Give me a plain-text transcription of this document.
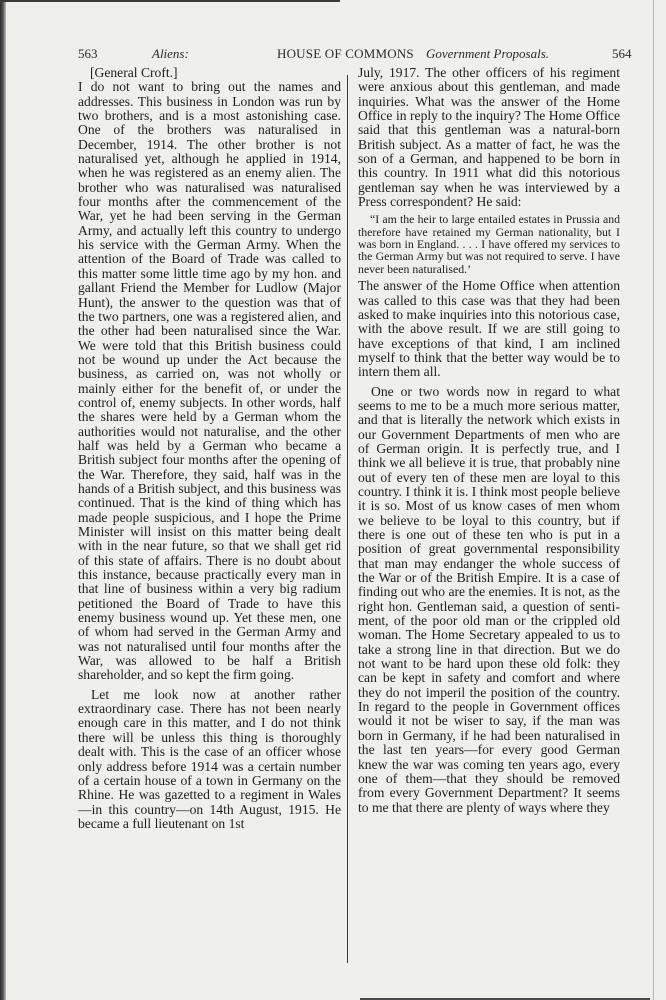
563	Aliens:	HOUSE OF COMMONS Government Proposals.	564

[General Croft.]

I do not want to bring out the names and addresses. This business in London was run by two brothers, and is a most astonishing case. One of the brothers was naturalised in December, 1914. The other brother is not naturalised yet, although he applied in 1914, when he was registered as an enemy alien. The brother who was naturalised was naturalised four months after the commencement of the War, yet he had been serving in the German Army, and actually left this country to undergo his service with the German Army. When the attention of the Board of Trade was called to this matter some little time ago by my hon. and gallant Friend the Member for Ludlow (Major Hunt), the answer to the question was that of the two partners, one was a registered alien, and the other had been naturalised since the War. We were told that this British business could not be wound up under the Act because the business, as carried on, was not wholly or mainly either for the benefit of, or under the control of, enemy subjects. In other words, half the shares were held by a German whom the authorities would not naturalise, and the other half was held by a German who became a British subject four months after the opening of the War. Therefore, they said, half was in the hands of a British subject, and this business was continued. That is the kind of thing which has made people suspicious, and I hope the Prime Minister will insist on this matter being dealt with in the near future, so that we shall get rid of this state of affairs. There is no doubt about this instance, because practically every man in that line of business within a very big radium petitioned the Board of Trade to have this enemy business wound up. Yet these men, one of whom had served in the German Army and was not naturalised until four months after the War, was allowed to be half a British shareholder, and so kept the firm going.

Let me look now at another rather extraordinary case. There has not been nearly enough care in this matter, and I do not think there will be unless this thing is thoroughly dealt with. This is the case of an officer whose only address before 1914 was a certain number of a certain house of a town in Germany on the Rhine. He was gazetted to a regiment in Wales—in this country—on 14th August, 1915. He became a full lieutenant on 1st

July, 1917. The other officers of his regiment were anxious about this gentleman, and made inquiries. What was the answer of the Home Office in reply to the inquiry? The Home Office said that this gentleman was a natural-born British subject. As a matter of fact, he was the son of a German, and happened to be born in this country. In 1911 what did this notorious gentleman say when he was interviewed by a Press correspondent? He said:

“I am the heir to large entailed estates in Prussia and therefore have retained my German nationality, but I was born in England. . . . I have offered my services to the German Army but was not required to serve. I have never been naturalised.’

The answer of the Home Office when attention was called to this case was that they had been asked to make inquiries into this notorious case, with the above result. If we are still going to have exceptions of that kind, I am inclined myself to think that the better way would be to intern them all.

One or two words now in regard to what seems to me to be a much more serious matter, and that is literally the network which exists in our Government Departments of men who are of German origin. It is perfectly true, and I think we all believe it is true, that probably nine out of every ten of these men are loyal to this country. I think it is. I think most people believe it is so. Most of us know cases of men whom we believe to be loyal to this country, but if there is one out of these ten who is put in a position of great governmental responsibility that man may endanger the whole success of the War or of the British Empire. It is a case of finding out who are the enemies. It is not, as the right hon. Gentleman said, a question of sentiment, of the poor old man or the crippled old woman. The Home Secretary appealed to us to take a strong line in that direction. But we do not want to be hard upon these old folk: they can be kept in safety and comfort and where they do not imperil the position of the country. In regard to the people in Government offices would it not be wiser to say, if the man was born in Germany, if he had been naturalised in the last ten years—for every good German knew the war was coming ten years ago, every one of them—that they should be removed from every Government Department? It seems to me that there are plenty of ways where they
